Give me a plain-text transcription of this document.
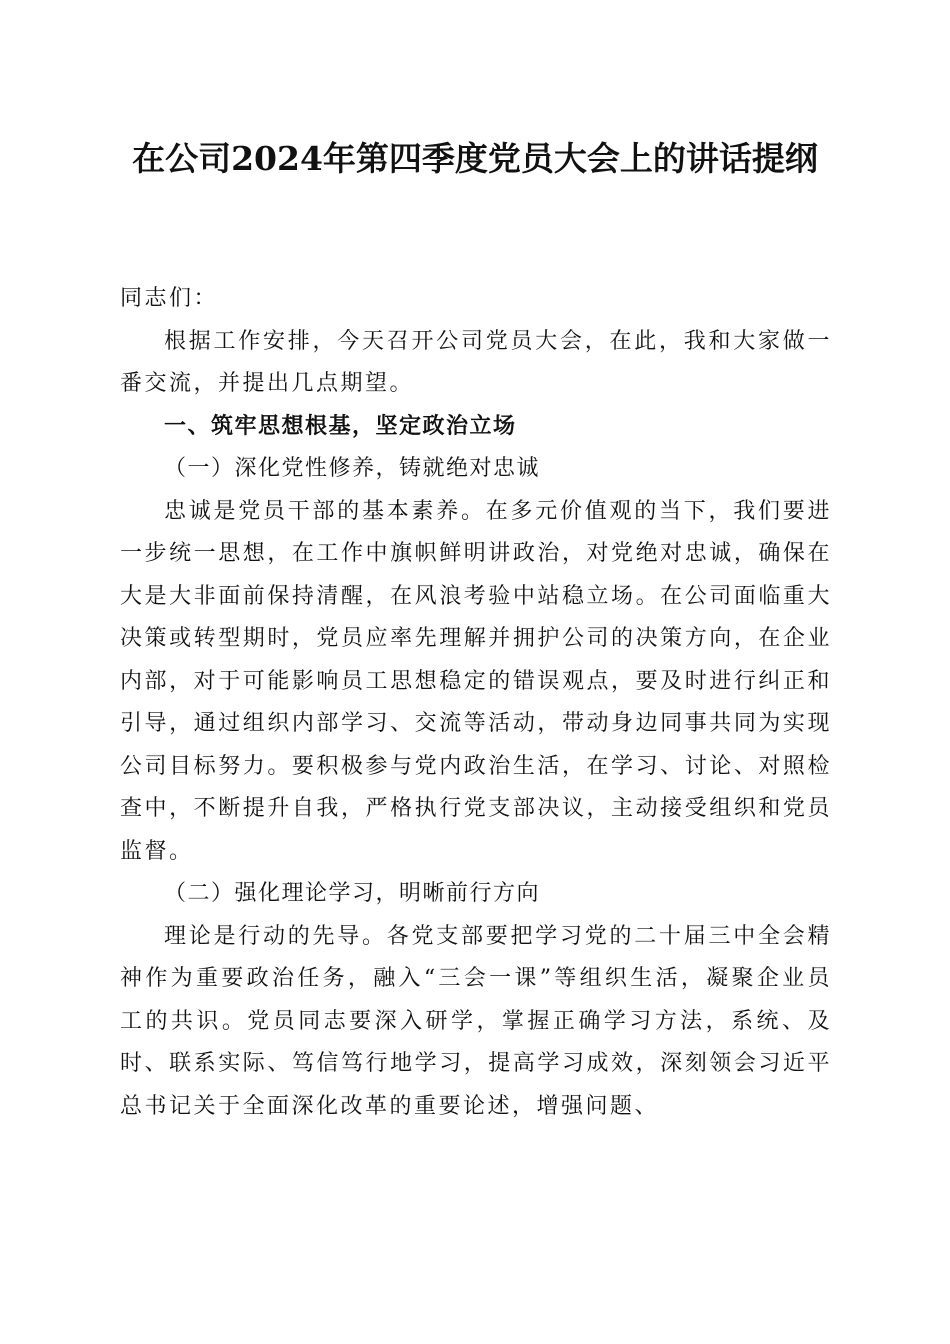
在公司2024年第四季度党员大会上的讲话提纲

同志们：

根据工作安排，今天召开公司党员大会，在此，我和大家做一番交流，并提出几点期望。

一、筑牢思想根基，坚定政治立场

（一）深化党性修养，铸就绝对忠诚

忠诚是党员干部的基本素养。在多元价值观的当下，我们要进一步统一思想，在工作中旗帜鲜明讲政治，对党绝对忠诚，确保在大是大非面前保持清醒，在风浪考验中站稳立场。在公司面临重大决策或转型期时，党员应率先理解并拥护公司的决策方向，在企业内部，对于可能影响员工思想稳定的错误观点，要及时进行纠正和引导，通过组织内部学习、交流等活动，带动身边同事共同为实现公司目标努力。要积极参与党内政治生活，在学习、讨论、对照检查中，不断提升自我，严格执行党支部决议，主动接受组织和党员监督。

（二）强化理论学习，明晰前行方向

理论是行动的先导。各党支部要把学习党的二十届三中全会精神作为重要政治任务，融入“三会一课”等组织生活，凝聚企业员工的共识。党员同志要深入研学，掌握正确学习方法，系统、及时、联系实际、笃信笃行地学习，提高学习成效，深刻领会习近平总书记关于全面深化改革的重要论述，增强问题、
